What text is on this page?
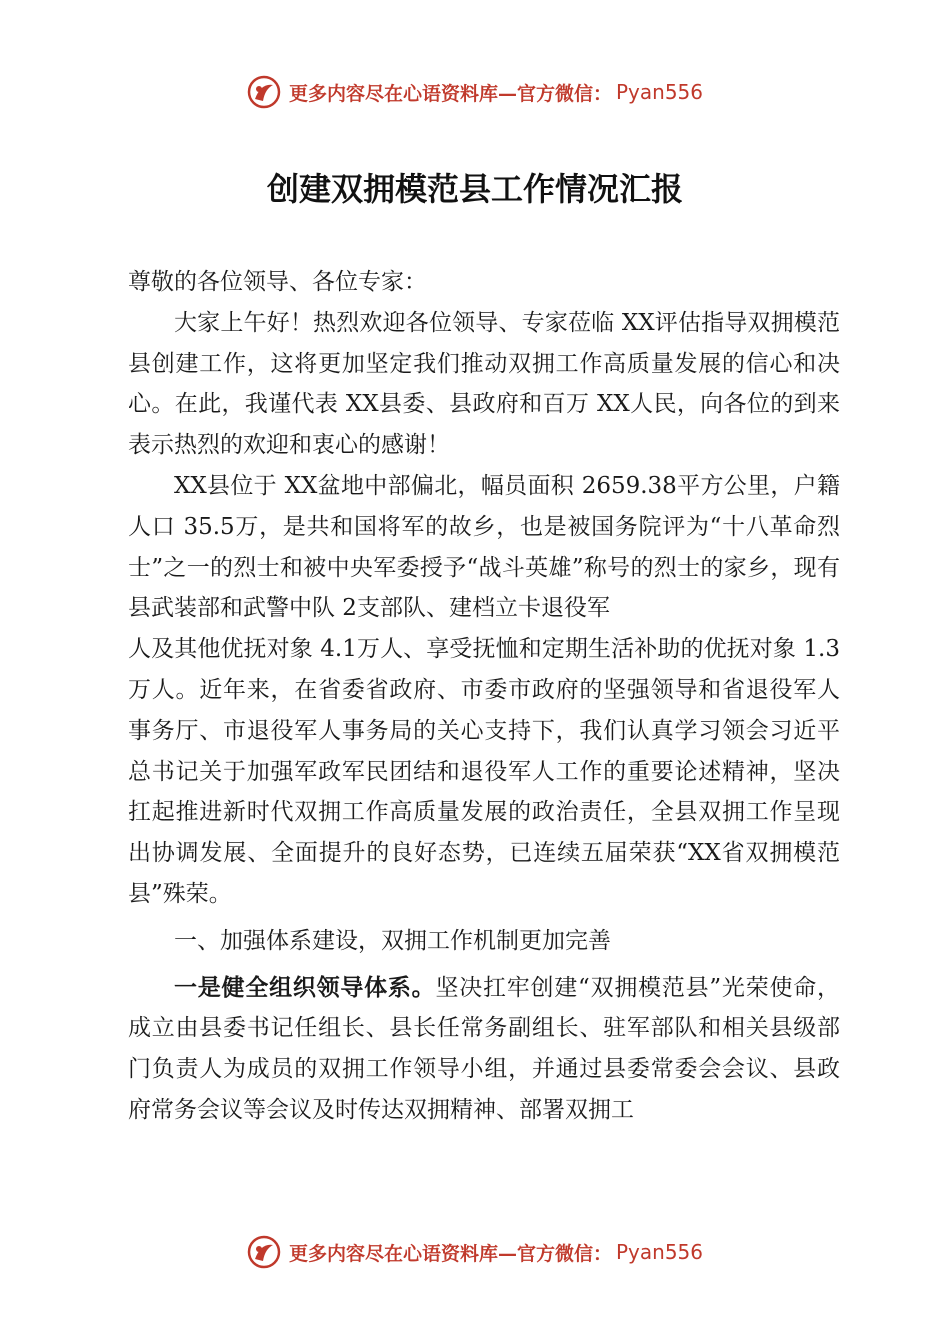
更多内容尽在心语资料库—官方微信： Pyan556
创建双拥模范县工作情况汇报

尊敬的各位领导、各位专家：

大家上午好！热烈欢迎各位领导、专家莅临 XX评估指导双拥模范县创建工作，这将更加坚定我们推动双拥工作高质量发展的信心和决心。在此，我谨代表 XX县委、县政府和百万 XX人民，向各位的到来表示热烈的欢迎和衷心的感谢！

XX县位于 XX盆地中部偏北，幅员面积 2659.38平方公里，户籍人口 35.5万，是共和国将军的故乡，也是被国务院评为“十八革命烈士”之一的烈士和被中央军委授予“战斗英雄”称号的烈士的家乡，现有县武装部和武警中队 2支部队、建档立卡退役军

人及其他优抚对象 4.1万人、享受抚恤和定期生活补助的优抚对象 1.3万人。近年来，在省委省政府、市委市政府的坚强领导和省退役军人事务厅、市退役军人事务局的关心支持下，我们认真学习领会习近平总书记关于加强军政军民团结和退役军人工作的重要论述精神，坚决扛起推进新时代双拥工作高质量发展的政治责任，全县双拥工作呈现出协调发展、全面提升的良好态势，已连续五届荣获“XX省双拥模范县”殊荣。

一、加强体系建设，双拥工作机制更加完善

一是健全组织领导体系。坚决扛牢创建“双拥模范县”光荣使命，成立由县委书记任组长、县长任常务副组长、驻军部队和相关县级部门负责人为成员的双拥工作领导小组，并通过县委常委会会议、县政府常务会议等会议及时传达双拥精神、部署双拥工

更多内容尽在心语资料库—官方微信： Pyan556
